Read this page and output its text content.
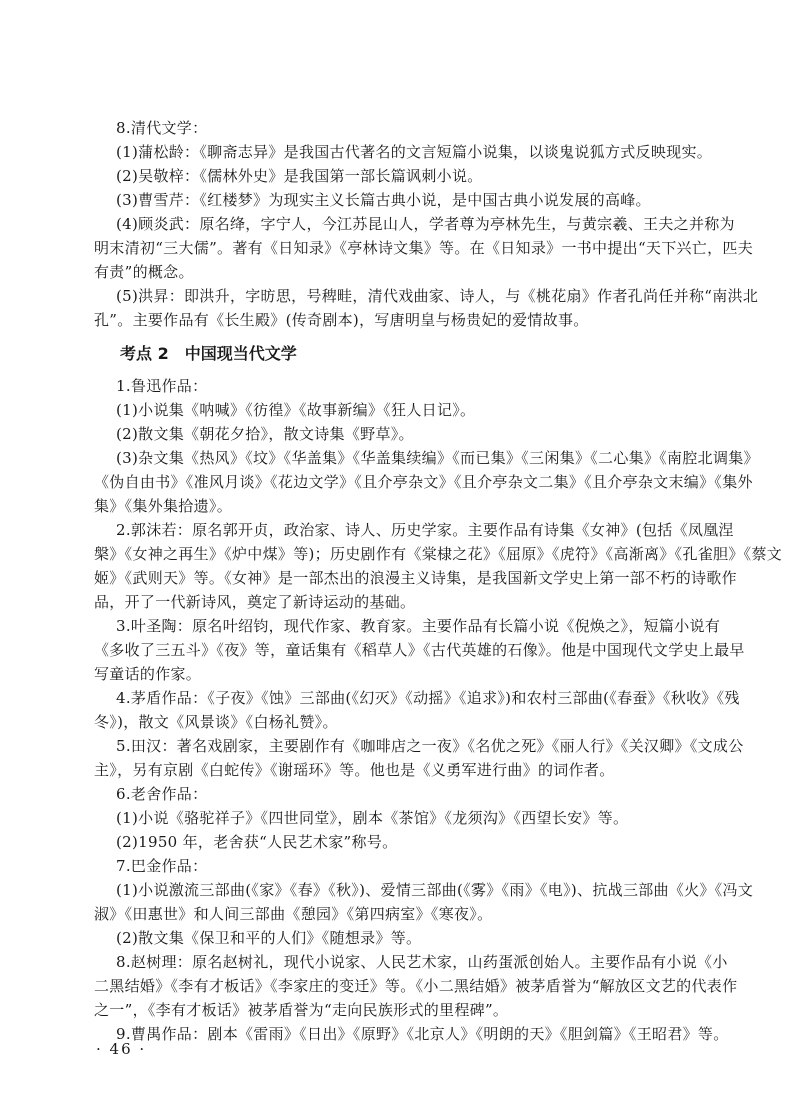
8.清代文学：
(1)蒲松龄：《聊斋志异》是我国古代著名的文言短篇小说集，以谈鬼说狐方式反映现实。
(2)吴敬梓：《儒林外史》是我国第一部长篇讽刺小说。
(3)曹雪芹：《红楼梦》为现实主义长篇古典小说，是中国古典小说发展的高峰。
(4)顾炎武：原名绛，字宁人，今江苏昆山人，学者尊为亭林先生，与黄宗羲、王夫之并称为
明末清初“三大儒”。著有《日知录》《亭林诗文集》等。在《日知录》一书中提出“天下兴亡，匹夫
有责”的概念。
(5)洪昇：即洪升，字昉思，号稗畦，清代戏曲家、诗人，与《桃花扇》作者孔尚任并称“南洪北
孔”。主要作品有《长生殿》(传奇剧本)，写唐明皇与杨贵妃的爱情故事。
考点 2　中国现当代文学
1.鲁迅作品：
(1)小说集《呐喊》《彷徨》《故事新编》《狂人日记》。
(2)散文集《朝花夕拾》，散文诗集《野草》。
(3)杂文集《热风》《坟》《华盖集》《华盖集续编》《而已集》《三闲集》《二心集》《南腔北调集》
《伪自由书》《准风月谈》《花边文学》《且介亭杂文》《且介亭杂文二集》《且介亭杂文末编》《集外
集》《集外集拾遗》。
2.郭沫若：原名郭开贞，政治家、诗人、历史学家。主要作品有诗集《女神》(包括《凤凰涅
槃》《女神之再生》《炉中煤》等)；历史剧作有《棠棣之花》《屈原》《虎符》《高渐离》《孔雀胆》《蔡文
姬》《武则天》等。《女神》是一部杰出的浪漫主义诗集，是我国新文学史上第一部不朽的诗歌作
品，开了一代新诗风，奠定了新诗运动的基础。
3.叶圣陶：原名叶绍钧，现代作家、教育家。主要作品有长篇小说《倪焕之》，短篇小说有
《多收了三五斗》《夜》等，童话集有《稻草人》《古代英雄的石像》。他是中国现代文学史上最早
写童话的作家。
4.茅盾作品：《子夜》《蚀》三部曲(《幻灭》《动摇》《追求》)和农村三部曲(《春蚕》《秋收》《残
冬》)，散文《风景谈》《白杨礼赞》。
5.田汉：著名戏剧家，主要剧作有《咖啡店之一夜》《名优之死》《丽人行》《关汉卿》《文成公
主》，另有京剧《白蛇传》《谢瑶环》等。他也是《义勇军进行曲》的词作者。
6.老舍作品：
(1)小说《骆驼祥子》《四世同堂》，剧本《茶馆》《龙须沟》《西望长安》等。
(2)1950 年，老舍获“人民艺术家”称号。
7.巴金作品：
(1)小说激流三部曲(《家》《春》《秋》)、爱情三部曲(《雾》《雨》《电》)、抗战三部曲《火》《冯文
淑》《田惠世》和人间三部曲《憩园》《第四病室》《寒夜》。
(2)散文集《保卫和平的人们》《随想录》等。
8.赵树理：原名赵树礼，现代小说家、人民艺术家，山药蛋派创始人。主要作品有小说《小
二黑结婚》《李有才板话》《李家庄的变迁》等。《小二黑结婚》被茅盾誉为“解放区文艺的代表作
之一”，《李有才板话》被茅盾誉为“走向民族形式的里程碑”。
9.曹禺作品：剧本《雷雨》《日出》《原野》《北京人》《明朗的天》《胆剑篇》《王昭君》等。
· 46 ·
